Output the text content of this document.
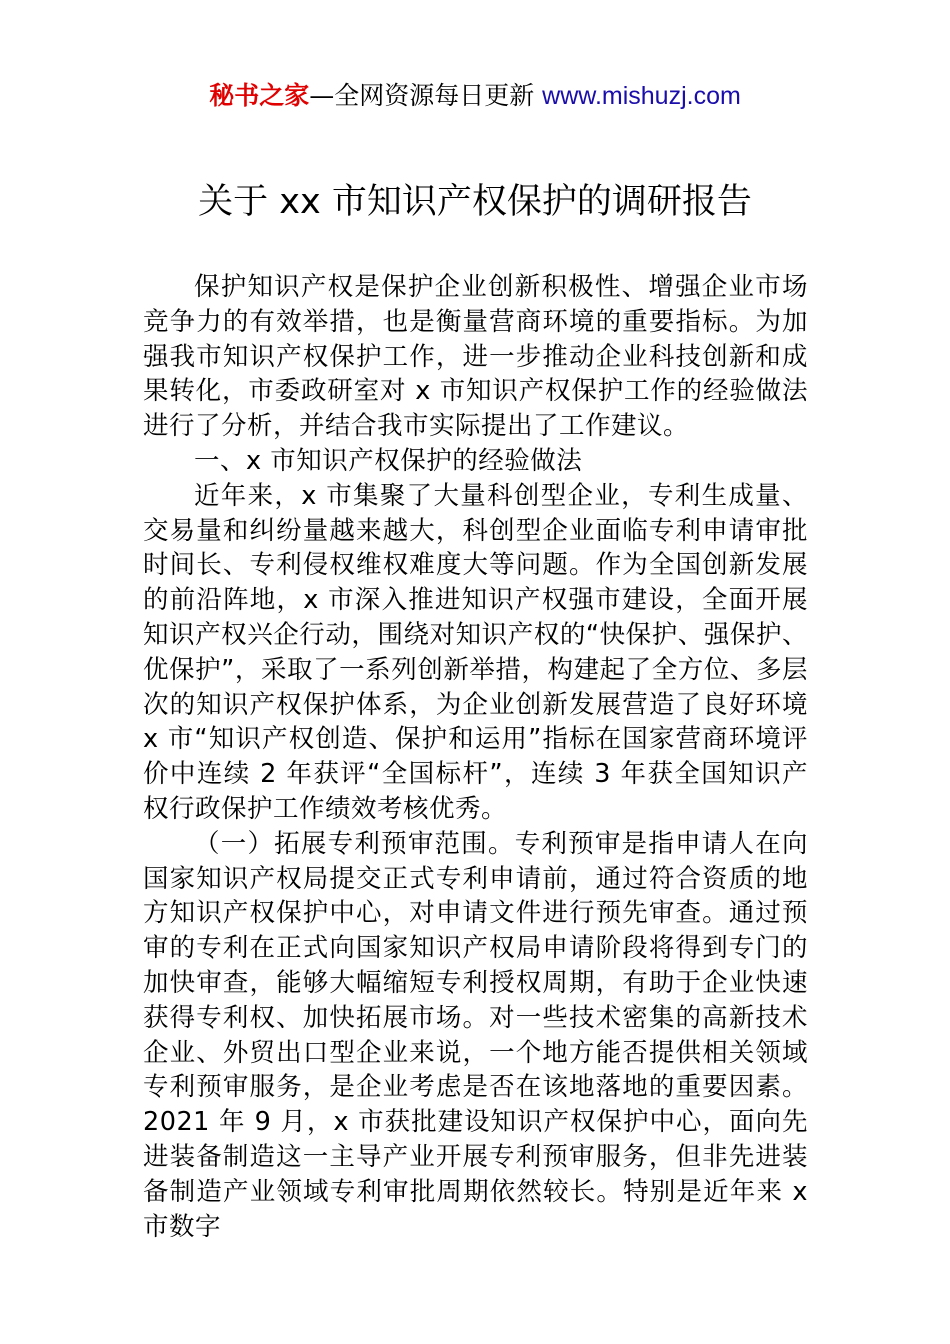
秘书之家—全网资源每日更新 www.mishuzj.com
关于 xx 市知识产权保护的调研报告

保护知识产权是保护企业创新积极性、增强企业市场竞争力的有效举措，也是衡量营商环境的重要指标。为加强我市知识产权保护工作，进一步推动企业科技创新和成果转化，市委政研室对 x 市知识产权保护工作的经验做法进行了分析，并结合我市实际提出了工作建议。

一、x 市知识产权保护的经验做法

近年来，x 市集聚了大量科创型企业，专利生成量、交易量和纠纷量越来越大，科创型企业面临专利申请审批时间长、专利侵权维权难度大等问题。作为全国创新发展的前沿阵地，x 市深入推进知识产权强市建设，全面开展知识产权兴企行动，围绕对知识产权的“快保护、强保护、优保护”，采取了一系列创新举措，构建起了全方位、多层次的知识产权保护体系，为企业创新发展营造了良好环境 x 市“知识产权创造、保护和运用”指标在国家营商环境评价中连续 2 年获评“全国标杆”，连续 3 年获全国知识产权行政保护工作绩效考核优秀。

（一）拓展专利预审范围。专利预审是指申请人在向国家知识产权局提交正式专利申请前，通过符合资质的地方知识产权保护中心，对申请文件进行预先审查。通过预审的专利在正式向国家知识产权局申请阶段将得到专门的加快审查，能够大幅缩短专利授权周期，有助于企业快速获得专利权、加快拓展市场。对一些技术密集的高新技术企业、外贸出口型企业来说，一个地方能否提供相关领域专利预审服务，是企业考虑是否在该地落地的重要因素。2021 年 9 月，x 市获批建设知识产权保护中心，面向先进装备制造这一主导产业开展专利预审服务，但非先进装备制造产业领域专利审批周期依然较长。特别是近年来 x 市数字
